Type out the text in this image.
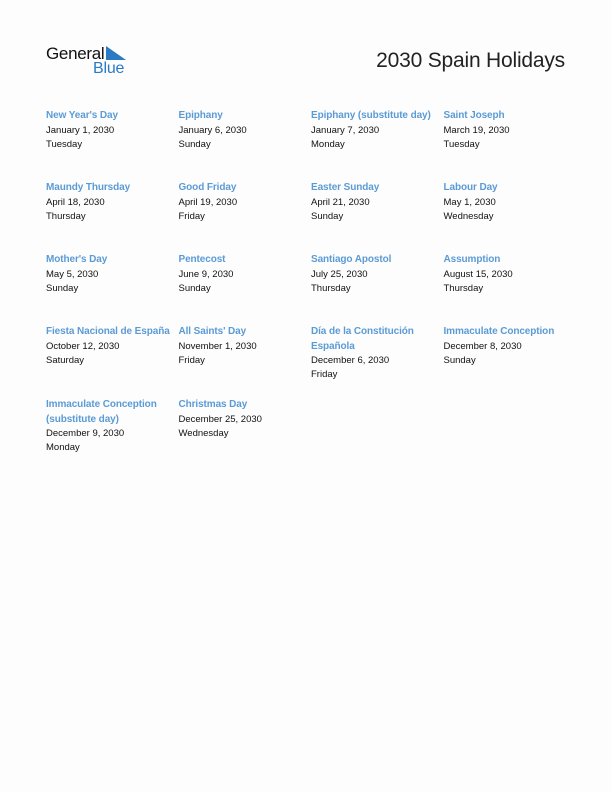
General
Blue	2030 Spain Holidays
New Year's Day
January 1, 2030
Tuesday
Epiphany
January 6, 2030
Sunday
Epiphany (substitute day)
January 7, 2030
Monday
Saint Joseph
March 19, 2030
Tuesday
Maundy Thursday
April 18, 2030
Thursday
Good Friday
April 19, 2030
Friday
Easter Sunday
April 21, 2030
Sunday
Labour Day
May 1, 2030
Wednesday
Mother's Day
May 5, 2030
Sunday
Pentecost
June 9, 2030
Sunday
Santiago Apostol
July 25, 2030
Thursday
Assumption
August 15, 2030
Thursday
Fiesta Nacional de España
October 12, 2030
Saturday
All Saints' Day
November 1, 2030
Friday
Día de la Constitución Española
December 6, 2030
Friday
Immaculate Conception
December 8, 2030
Sunday
Immaculate Conception (substitute day)
December 9, 2030
Monday
Christmas Day
December 25, 2030
Wednesday
